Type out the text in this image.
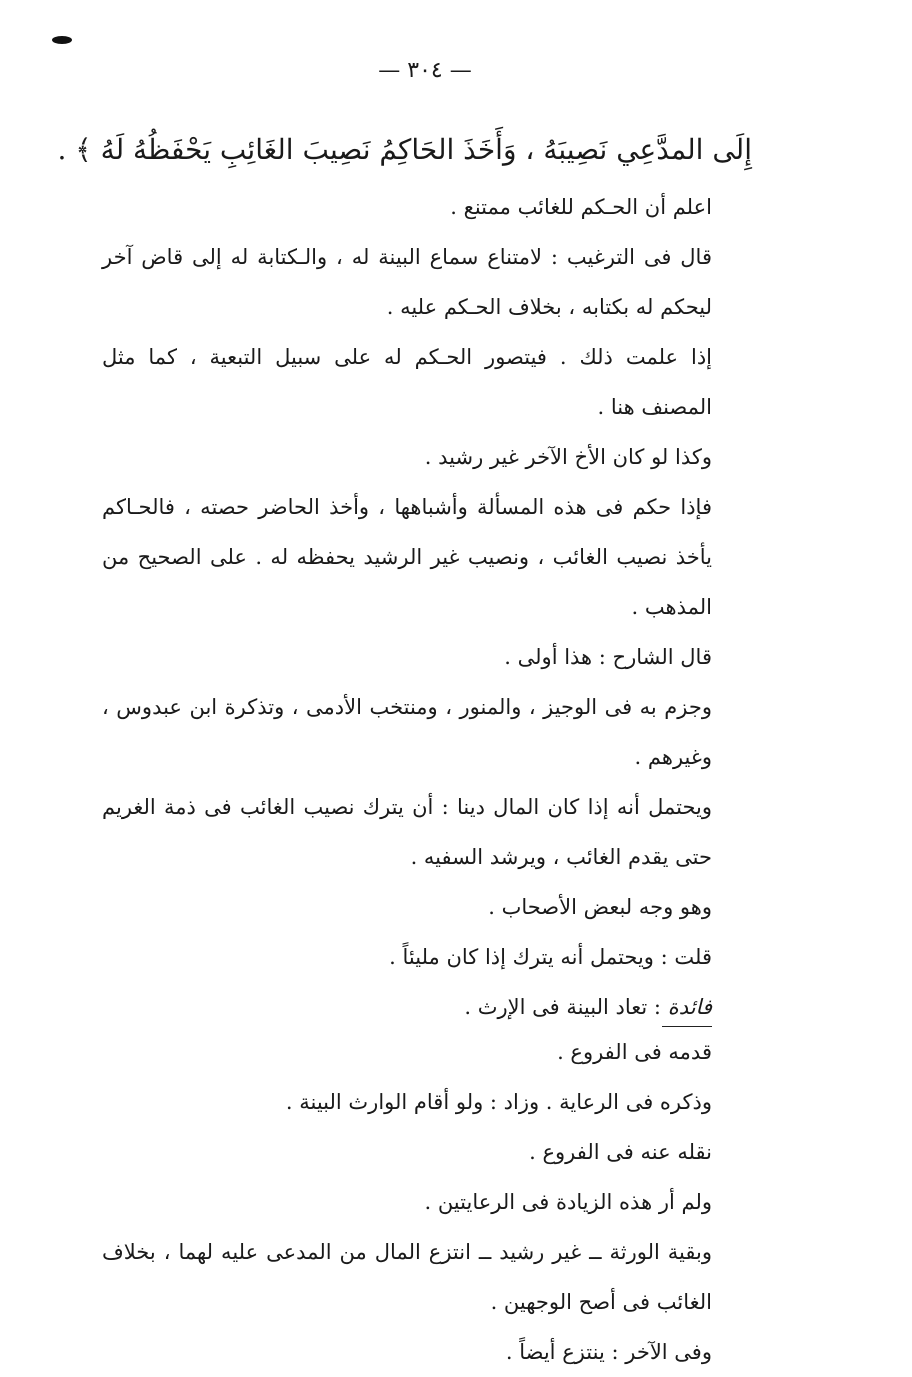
— ٣٠٤ —

إِلَى المدَّعِي نَصِيبَهُ ، وَأَخَذَ الحَاكِمُ نَصِيبَ الغَائِبِ يَحْفَظُهُ لَهُ ﴾ .

اعلم أن الحـكم للغائب ممتنع .

قال فى الترغيب : لامتناع سماع البينة له ، والـكتابة له إلى قاض آخر ليحكم له بكتابه ، بخلاف الحـكم عليه .

إذا علمت ذلك . فيتصور الحـكم له على سبيل التبعية ، كما مثل المصنف هنا .

وكذا لو كان الأخ الآخر غير رشيد .

فإذا حكم فى هذه المسألة وأشباهها ، وأخذ الحاضر حصته ، فالحـاكم يأخذ نصيب الغائب ، ونصيب غير الرشيد يحفظه له . على الصحيح من المذهب .

قال الشارح : هذا أولى .

وجزم به فى الوجيز ، والمنور ، ومنتخب الأدمى ، وتذكرة ابن عبدوس ، وغيرهم .

ويحتمل أنه إذا كان المال دينا : أن يترك نصيب الغائب فى ذمة الغريم حتى يقدم الغائب ، ويرشد السفيه .

وهو وجه لبعض الأصحاب .

قلت : ويحتمل أنه يترك إذا كان مليئاً .

فائدة : تعاد البينة فى الإرث .

قدمه فى الفروع .

وذكره فى الرعاية . وزاد : ولو أقام الوارث البينة .

نقله عنه فى الفروع .

ولم أر هذه الزيادة فى الرعايتين .

وبقية الورثة ــ غير رشيد ــ انتزع المال من المدعى عليه لهما ، بخلاف الغائب فى أصح الوجهين .

وفى الآخر : ينتزع أيضاً .
